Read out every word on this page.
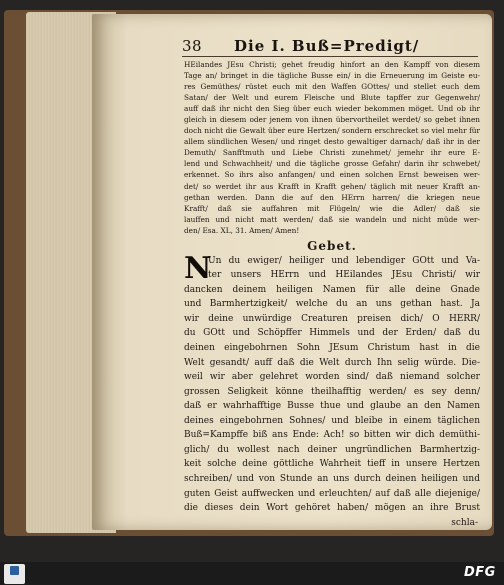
38 Die I. Buß=Predigt/
HEilandes JEsu Christi; gehet freudig hinfort an den Kampff von diesem
Tage an/ bringet in die tägliche Busse ein/ in die Erneuerung im Geiste eu-
res Gemüthes/ rüstet euch mit den Waffen GOttes/ und stellet euch dem
Satan/ der Welt und eurem Fleische und Blute tapffer zur Gegenwehr/
auff daß ihr nicht den Sieg über euch wieder bekommen möget. Und ob ihr
gleich in diesem oder jenem von ihnen übervortheilet werdet/ so gebet ihnen
doch nicht die Gewalt über eure Hertzen/ sondern erschrecket so viel mehr für
allem sündlichen Wesen/ und ringet desto gewaltiger darnach/ daß ihr in der
Demuth/ Sanfftmuth und Liebe Christi zunehmet/ jemehr ihr eure E-
lend und Schwachheit/ und die tägliche grosse Gefahr/ darin ihr schwebet/
erkennet. So ihrs also anfangen/ und einen solchen Ernst beweisen wer-
det/ so werdet ihr aus Krafft in Krafft gehen/ täglich mit neuer Krafft an-
gethan werden. Dann die auf den HErrn harren/ die kriegen neue
Krafft/ daß sie auffahren mit Flügeln/ wie die Adler/ daß sie
lauffen und nicht matt werden/ daß sie wandeln und nicht müde wer-
den/ Esa. XL, 31. Amen/ Amen!
Gebet.
N
Un du ewiger/ heiliger und lebendiger GOtt und Va-
ter unsers HErrn und HEilandes JEsu Christi/ wir
dancken deinem heiligen Namen für alle deine Gnade
und Barmhertzigkeit/ welche du an uns gethan hast. Ja
wir deine unwürdige Creaturen preisen dich/ O HERR/
du GOtt und Schöpffer Himmels und der Erden/ daß du
deinen eingebohrnen Sohn JEsum Christum hast in die
Welt gesandt/ auff daß die Welt durch Ihn selig würde. Die-
weil wir aber gelehret worden sind/ daß niemand solcher
grossen Seligkeit könne theilhafftig werden/ es sey denn/
daß er wahrhafftige Busse thue und glaube an den Namen
deines eingebohrnen Sohnes/ und bleibe in einem täglichen
Buß=Kampffe biß ans Ende: Ach! so bitten wir dich demüthi-
glich/ du wollest nach deiner ungründlichen Barmhertzig-
keit solche deine göttliche Wahrheit tieff in unsere Hertzen
schreiben/ und von Stunde an uns durch deinen heiligen und
guten Geist auffwecken und erleuchten/ auf daß alle diejenige/
die dieses dein Wort gehöret haben/ mögen an ihre Brust
schla-
DFG
